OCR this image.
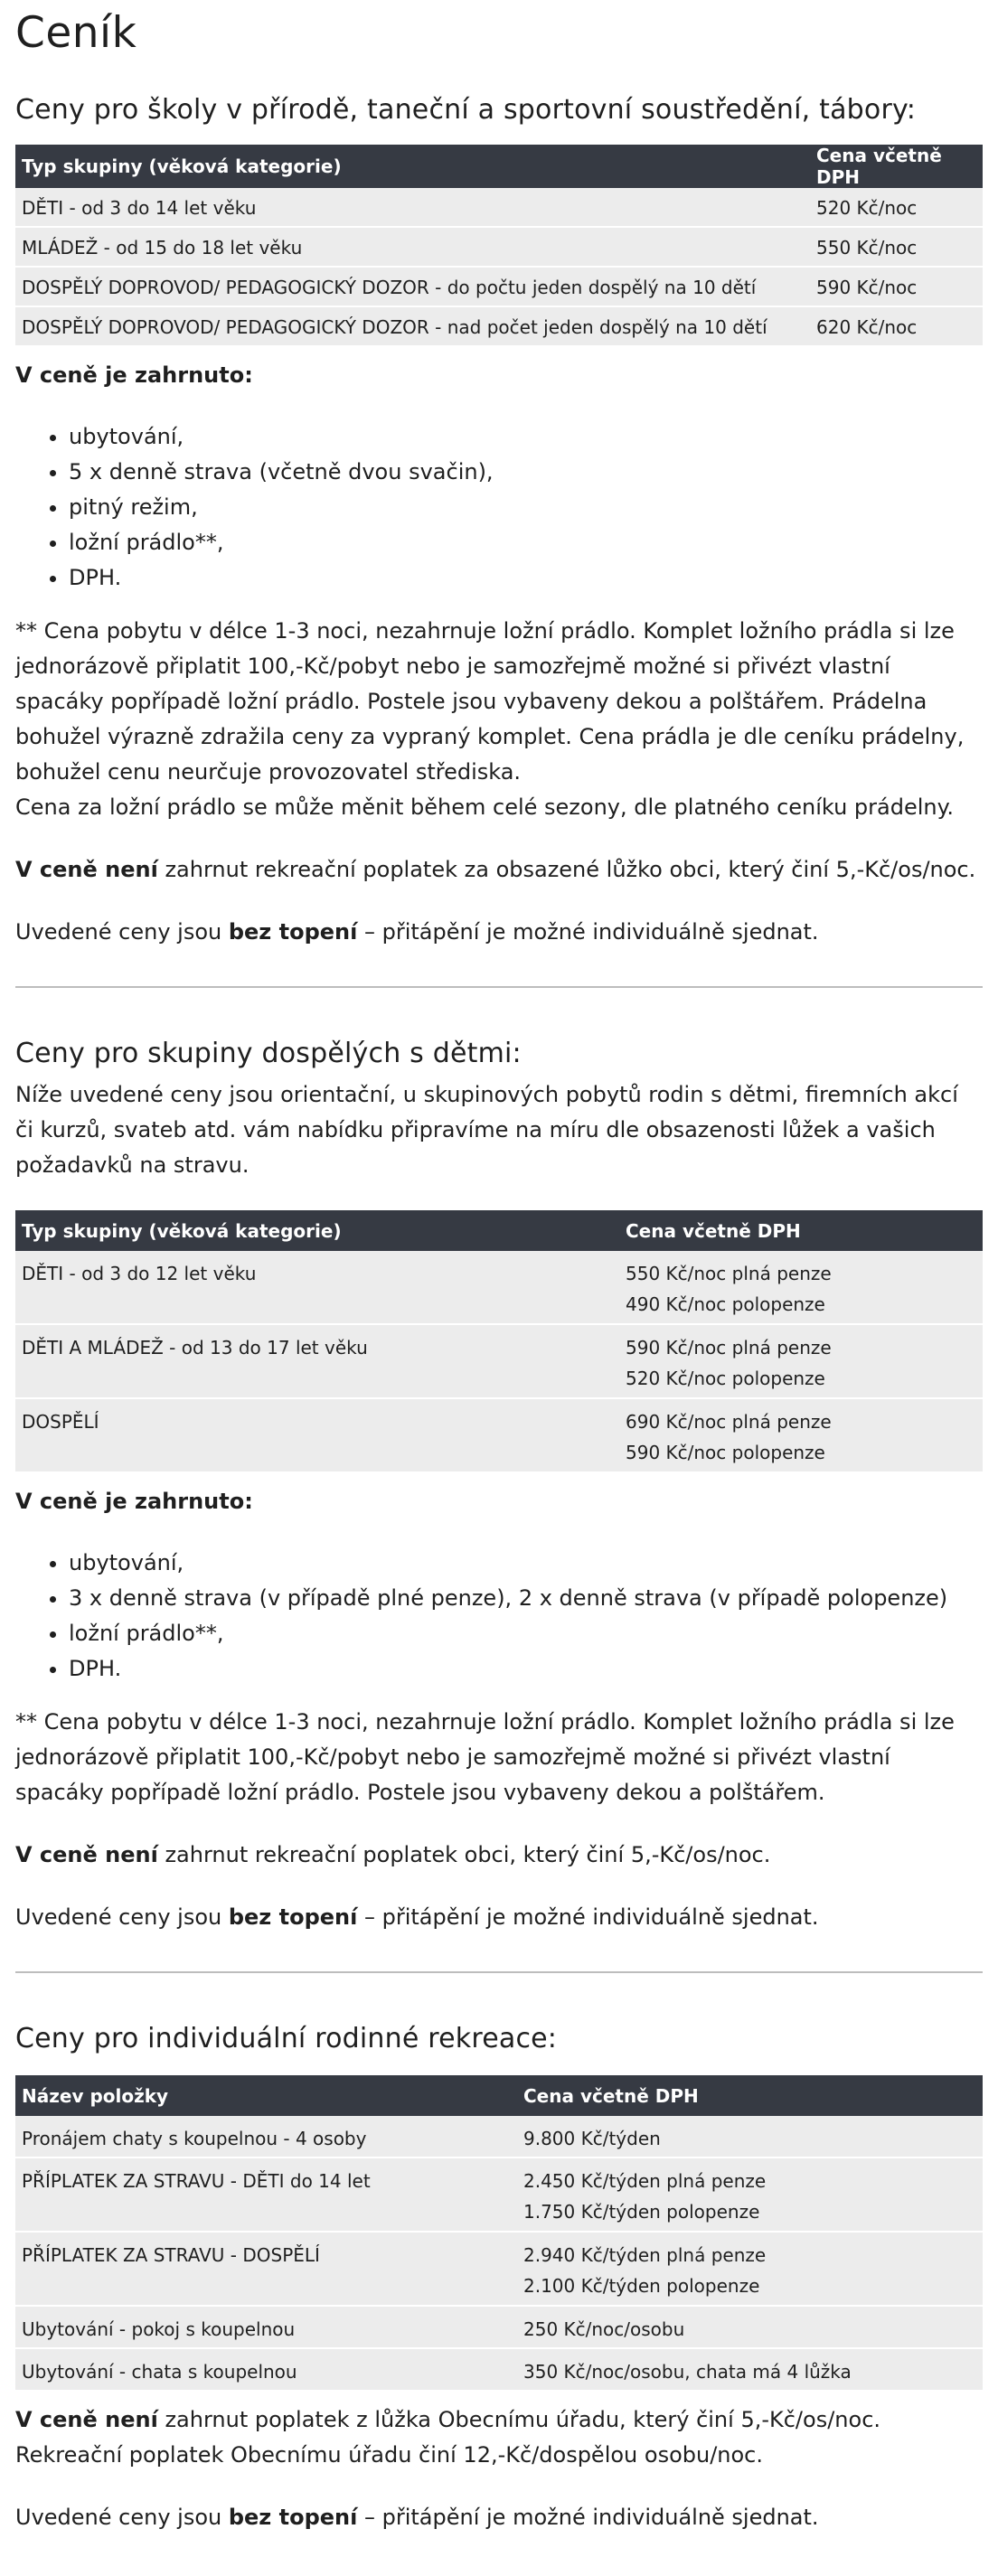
Ceník
Ceny pro školy v přírodě, taneční a sportovní soustředění, tábory:
Typ skupiny (věková kategorie)	Cena včetně DPH
DĚTI - od 3 do 14 let věku	520 Kč/noc
MLÁDEŽ - od 15 do 18 let věku	550 Kč/noc
DOSPĚLÝ DOPROVOD/ PEDAGOGICKÝ DOZOR - do počtu jeden dospělý na 10 dětí	590 Kč/noc
DOSPĚLÝ DOPROVOD/ PEDAGOGICKÝ DOZOR - nad počet jeden dospělý na 10 dětí	620 Kč/noc

V ceně je zahrnuto:

• ubytování,
• 5 x denně strava (včetně dvou svačin),
• pitný režim,
• ložní prádlo**,
• DPH.

** Cena pobytu v délce 1-3 noci, nezahrnuje ložní prádlo. Komplet ložního prádla si lze jednorázově připlatit 100,-Kč/pobyt nebo je samozřejmě možné si přivézt vlastní spacáky popřípadě ložní prádlo. Postele jsou vybaveny dekou a polštářem. Prádelna bohužel výrazně zdražila ceny za vypraný komplet. Cena prádla je dle ceníku prádelny, bohužel cenu neurčuje provozovatel střediska.

Cena za ložní prádlo se může měnit během celé sezony, dle platného ceníku prádelny.

V ceně není zahrnut rekreační poplatek za obsazené lůžko obci, který činí 5,-Kč/os/noc.

Uvedené ceny jsou bez topení – přitápění je možné individuálně sjednat.

Ceny pro skupiny dospělých s dětmi:

Níže uvedené ceny jsou orientační, u skupinových pobytů rodin s dětmi, firemních akcí či kurzů, svateb atd. vám nabídku připravíme na míru dle obsazenosti lůžek a vašich požadavků na stravu.

Typ skupiny (věková kategorie)	Cena včetně DPH
DĚTI - od 3 do 12 let věku	550 Kč/noc plná penze
490 Kč/noc polopenze

DĚTI A MLÁDEŽ - od 13 do 17 let věku	590 Kč/noc plná penze
520 Kč/noc polopenze

DOSPĚLÍ	690 Kč/noc plná penze
590 Kč/noc polopenze

V ceně je zahrnuto:

• ubytování,
• 3 x denně strava (v případě plné penze), 2 x denně strava (v případě polopenze)
• ložní prádlo**,
• DPH.

** Cena pobytu v délce 1-3 noci, nezahrnuje ložní prádlo. Komplet ložního prádla si lze jednorázově připlatit 100,-Kč/pobyt nebo je samozřejmě možné si přivézt vlastní spacáky popřípadě ložní prádlo. Postele jsou vybaveny dekou a polštářem.

V ceně není zahrnut rekreační poplatek obci, který činí 5,-Kč/os/noc.

Uvedené ceny jsou bez topení – přitápění je možné individuálně sjednat.

Ceny pro individuální rodinné rekreace:
Název položky	Cena včetně DPH
Pronájem chaty s koupelnou - 4 osoby	9.800 Kč/týden
PŘÍPLATEK ZA STRAVU - DĚTI do 14 let	2.450 Kč/týden plná penze
1.750 Kč/týden polopenze

PŘÍPLATEK ZA STRAVU - DOSPĚLÍ	2.940 Kč/týden plná penze
2.100 Kč/týden polopenze

Ubytování - pokoj s koupelnou	250 Kč/noc/osobu
Ubytování - chata s koupelnou	350 Kč/noc/osobu, chata má 4 lůžka

V ceně není zahrnut poplatek z lůžka Obecnímu úřadu, který činí 5,-Kč/os/noc. Rekreační poplatek Obecnímu úřadu činí 12,-Kč/dospělou osobu/noc.

Uvedené ceny jsou bez topení – přitápění je možné individuálně sjednat.
